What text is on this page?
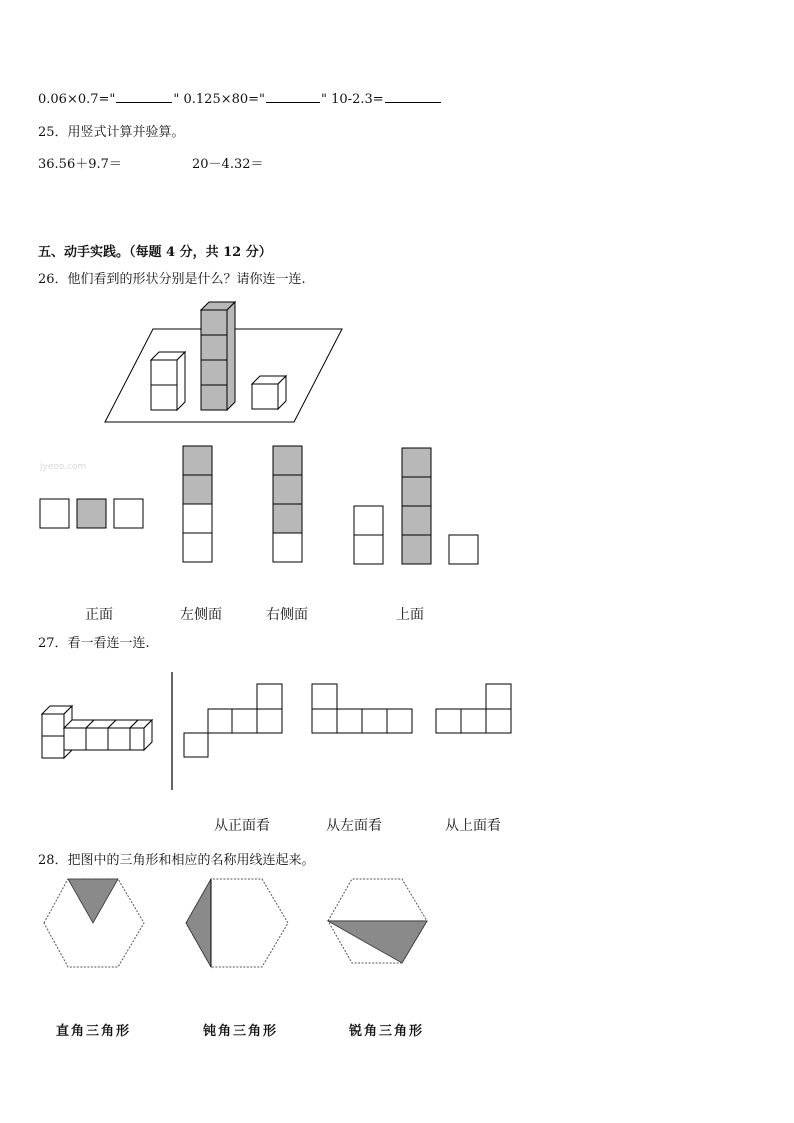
0.06×0.7="	" 0.125×80="	" 10-2.3=
25．用竖式计算并验算。
36.56＋9.7＝	20－4.32＝
五、动手实践。（每题 4 分，共 12 分）
26．他们看到的形状分别是什么？请你连一连.
jyeoo.com
正面	左侧面	右侧面	上面
27．看一看连一连.
从正面看	从左面看	从上面看
28．把图中的三角形和相应的名称用线连起来。
直角三角形	钝角三角形	锐角三角形
